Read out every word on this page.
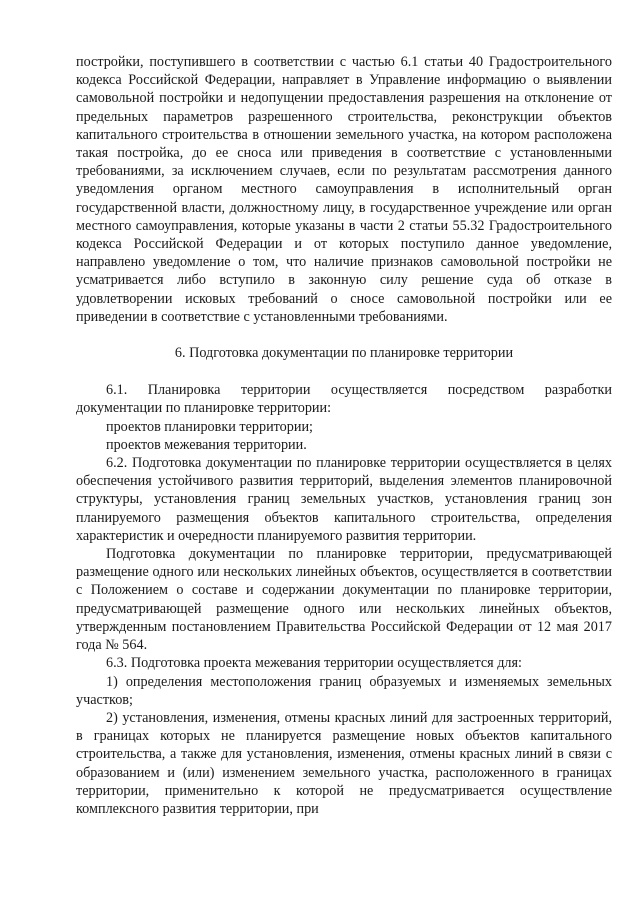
постройки, поступившего в соответствии с частью 6.1 статьи 40 Градостроительного кодекса Российской Федерации, направляет в Управление информацию о выявлении самовольной постройки и недопущении предоставления разрешения на отклонение от предельных параметров разрешенного строительства, реконструкции объектов капитального строительства в отношении земельного участка, на котором расположена такая постройка, до ее сноса или приведения в соответствие с установленными требованиями, за исключением случаев, если по результатам рассмотрения данного уведомления органом местного самоуправления в исполнительный орган государственной власти, должностному лицу, в государственное учреждение или орган местного самоуправления, которые указаны в части 2 статьи 55.32 Градостроительного кодекса Российской Федерации и от которых поступило данное уведомление, направлено уведомление о том, что наличие признаков самовольной постройки не усматривается либо вступило в законную силу решение суда об отказе в удовлетворении исковых требований о сносе самовольной постройки или ее приведении в соответствие с установленными требованиями.

6. Подготовка документации по планировке территории

6.1. Планировка территории осуществляется посредством разработки документации по планировке территории:

проектов планировки территории;

проектов межевания территории.

6.2. Подготовка документации по планировке территории осуществляется в целях обеспечения устойчивого развития территорий, выделения элементов планировочной структуры, установления границ земельных участков, установления границ зон планируемого размещения объектов капитального строительства, определения характеристик и очередности планируемого развития территории.

Подготовка документации по планировке территории, предусматривающей размещение одного или нескольких линейных объектов, осуществляется в соответствии с Положением о составе и содержании документации по планировке территории, предусматривающей размещение одного или нескольких линейных объектов, утвержденным постановлением Правительства Российской Федерации от 12 мая 2017 года № 564.

6.3. Подготовка проекта межевания территории осуществляется для:

1) определения местоположения границ образуемых и изменяемых земельных участков;

2) установления, изменения, отмены красных линий для застроенных территорий, в границах которых не планируется размещение новых объектов капитального строительства, а также для установления, изменения, отмены красных линий в связи с образованием и (или) изменением земельного участка, расположенного в границах территории, применительно к которой не предусматривается осуществление комплексного развития территории, при
